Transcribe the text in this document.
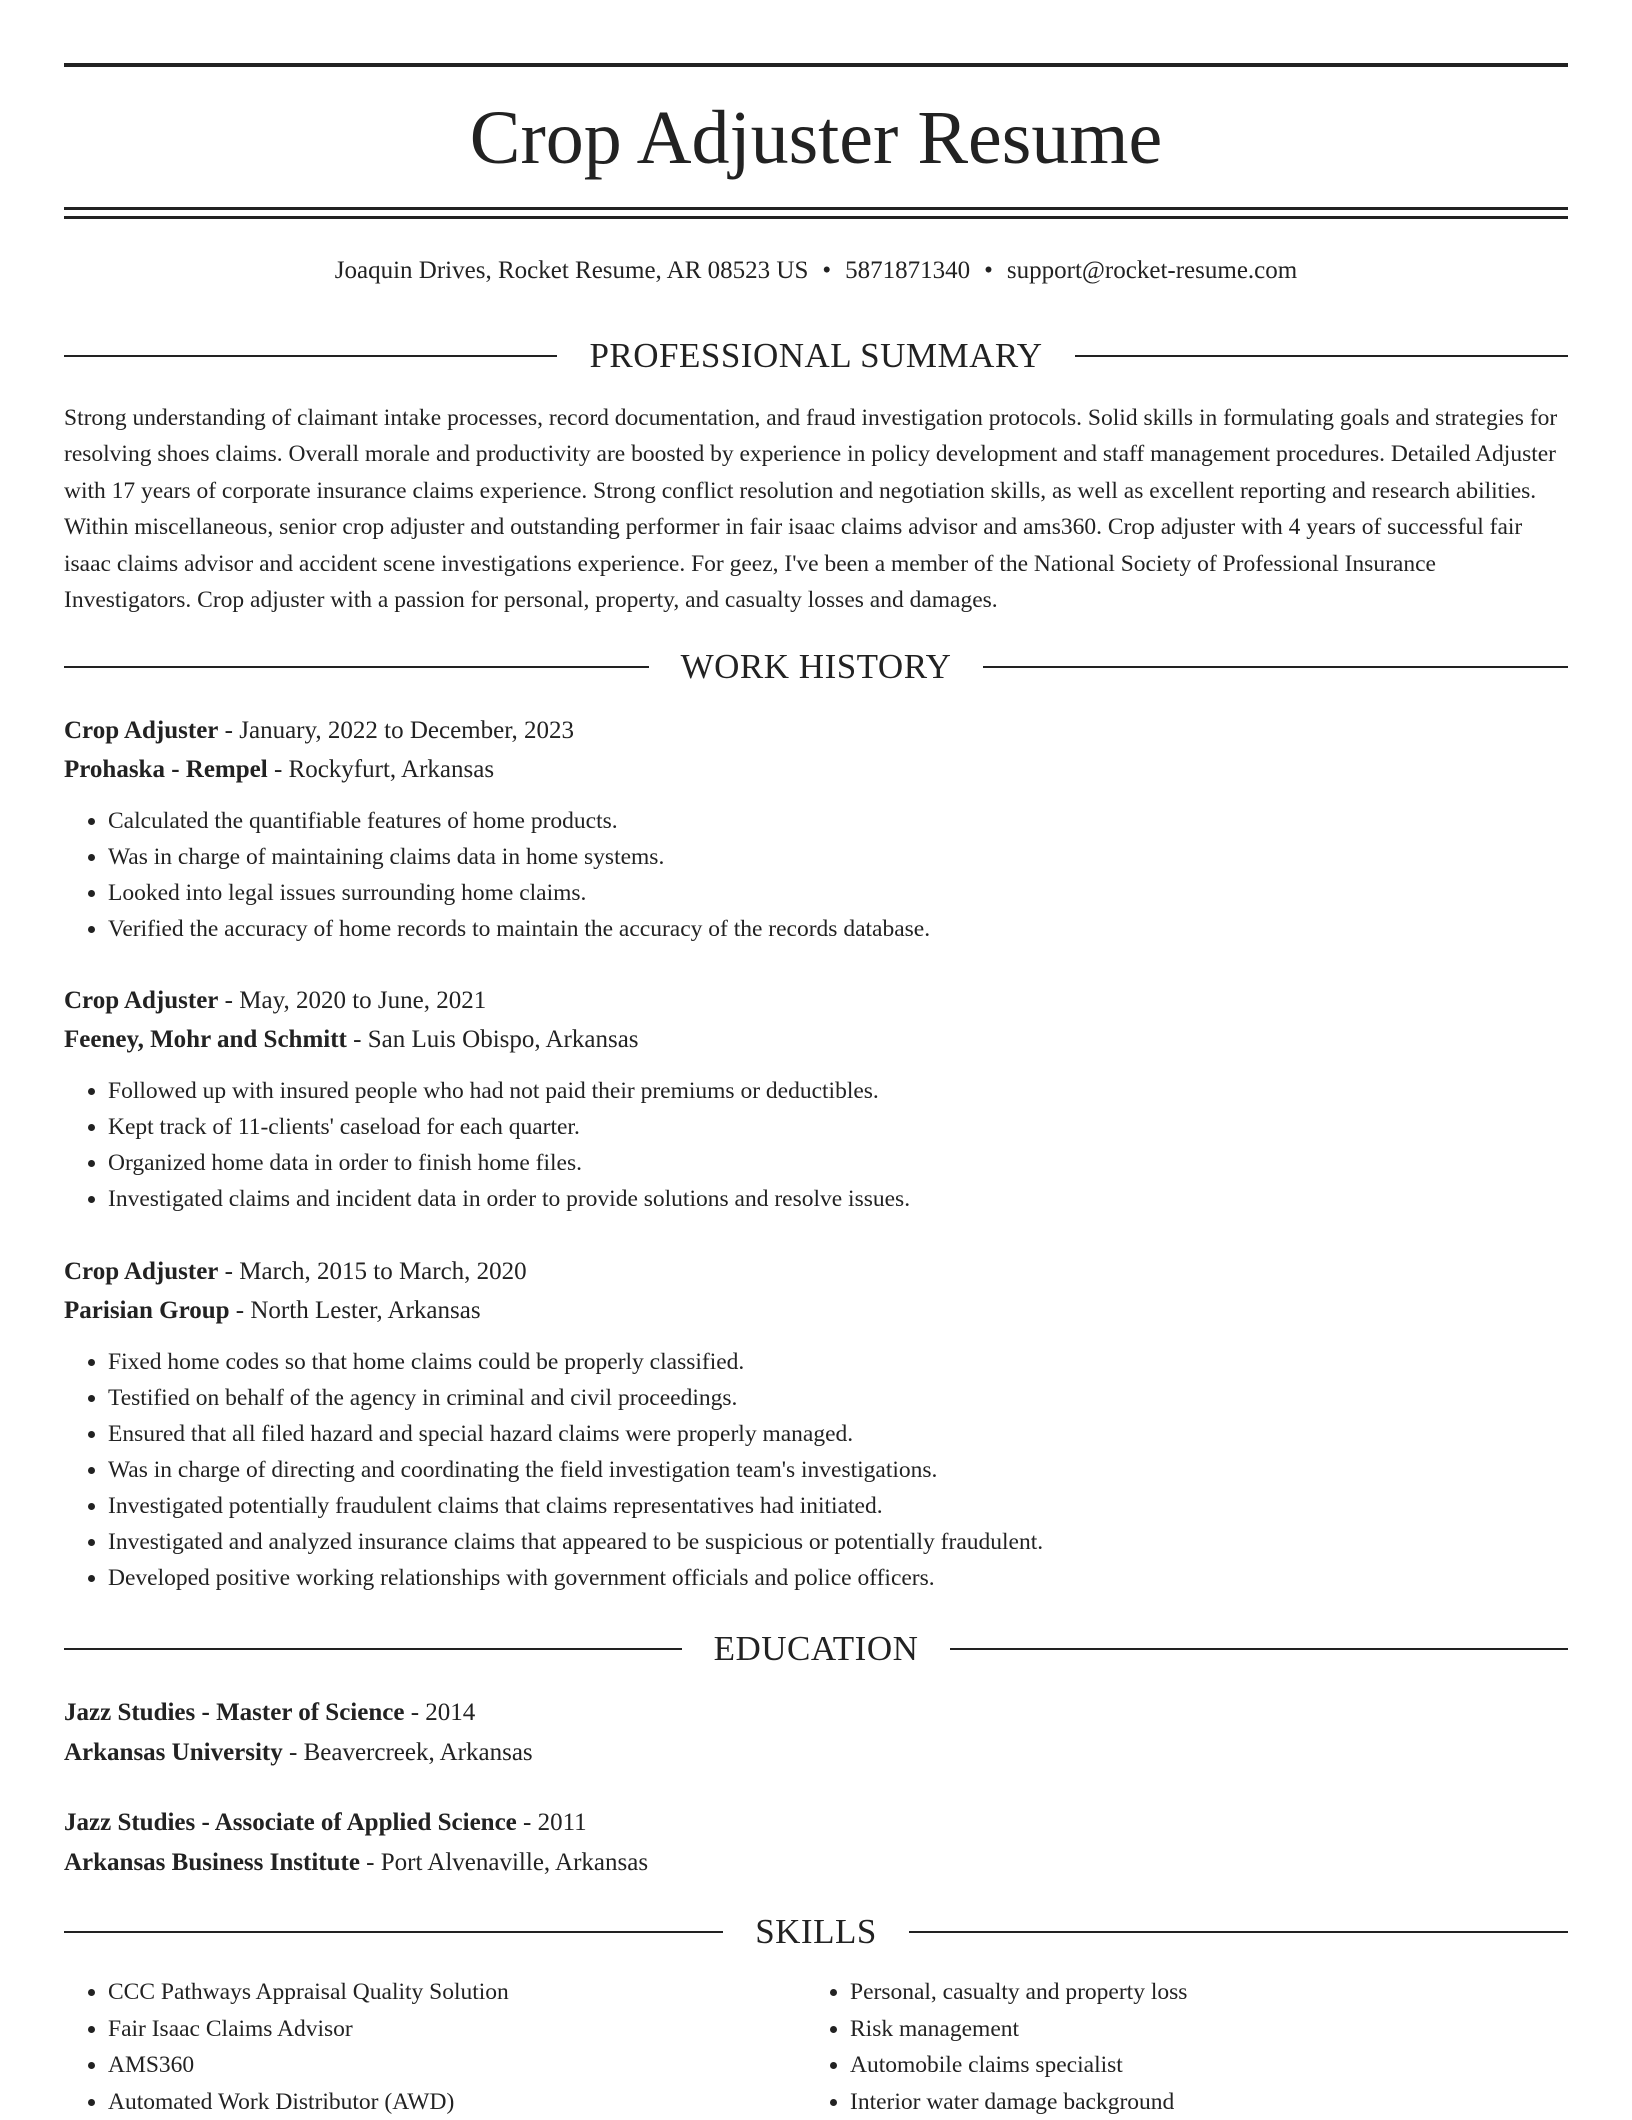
Crop Adjuster Resume
Joaquin Drives, Rocket Resume, AR 08523 US • 5871871340 • support@rocket-resume.com
PROFESSIONAL SUMMARY

Strong understanding of claimant intake processes, record documentation, and fraud investigation protocols. Solid skills in formulating goals and strategies for resolving shoes claims. Overall morale and productivity are boosted by experience in policy development and staff management procedures. Detailed Adjuster with 17 years of corporate insurance claims experience. Strong conflict resolution and negotiation skills, as well as excellent reporting and research abilities. Within miscellaneous, senior crop adjuster and outstanding performer in fair isaac claims advisor and ams360. Crop adjuster with 4 years of successful fair isaac claims advisor and accident scene investigations experience. For geez, I've been a member of the National Society of Professional Insurance Investigators. Crop adjuster with a passion for personal, property, and casualty losses and damages.

WORK HISTORY
Crop Adjuster - January, 2022 to December, 2023
Prohaska - Rempel - Rockyfurt, Arkansas
• Calculated the quantifiable features of home products.
• Was in charge of maintaining claims data in home systems.
• Looked into legal issues surrounding home claims.
• Verified the accuracy of home records to maintain the accuracy of the records database.
Crop Adjuster - May, 2020 to June, 2021
Feeney, Mohr and Schmitt - San Luis Obispo, Arkansas
• Followed up with insured people who had not paid their premiums or deductibles.
• Kept track of 11-clients' caseload for each quarter.
• Organized home data in order to finish home files.
• Investigated claims and incident data in order to provide solutions and resolve issues.
Crop Adjuster - March, 2015 to March, 2020
Parisian Group - North Lester, Arkansas
• Fixed home codes so that home claims could be properly classified.
• Testified on behalf of the agency in criminal and civil proceedings.
• Ensured that all filed hazard and special hazard claims were properly managed.
• Was in charge of directing and coordinating the field investigation team's investigations.
• Investigated potentially fraudulent claims that claims representatives had initiated.
• Investigated and analyzed insurance claims that appeared to be suspicious or potentially fraudulent.
• Developed positive working relationships with government officials and police officers.
EDUCATION
Jazz Studies - Master of Science - 2014
Arkansas University - Beavercreek, Arkansas
Jazz Studies - Associate of Applied Science - 2011
Arkansas Business Institute - Port Alvenaville, Arkansas
SKILLS
• CCC Pathways Appraisal Quality Solution
• Fair Isaac Claims Advisor
• AMS360
• Automated Work Distributor (AWD)
• Personal, casualty and property loss
• Risk management
• Automobile claims specialist
• Interior water damage background
